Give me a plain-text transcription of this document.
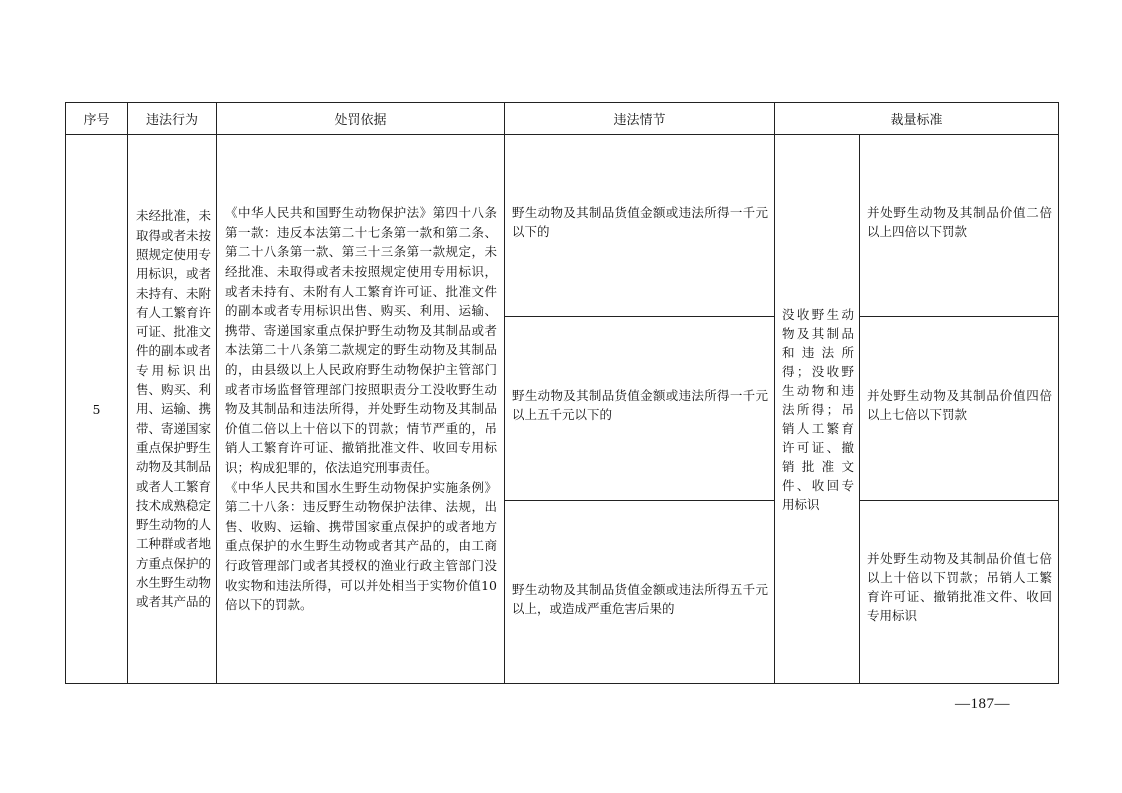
序号	违法行为	处罚依据	违法情节	裁量标准	
5	未经批准，未取得或者未按照规定使用专用标识，或者未持有、未附有人工繁育许可证、批准文件的副本或者专用标识出售、购买、利用、运输、携带、寄递国家重点保护野生动物及其制品或者人工繁育技术成熟稳定野生动物的人工种群或者地方重点保护的水生野生动物或者其产品的	《中华人民共和国野生动物保护法》第四十八条第一款：违反本法第二十七条第一款和第二条、第二十八条第一款、第三十三条第一款规定，未经批准、未取得或者未按照规定使用专用标识，或者未持有、未附有人工繁育许可证、批准文件的副本或者专用标识出售、购买、利用、运输、携带、寄递国家重点保护野生动物及其制品或者本法第二十八条第二款规定的野生动物及其制品的，由县级以上人民政府野生动物保护主管部门或者市场监督管理部门按照职责分工没收野生动物及其制品和违法所得，并处野生动物及其制品价值二倍以上十倍以下的罚款；情节严重的，吊销人工繁育许可证、撤销批准文件、收回专用标识；构成犯罪的，依法追究刑事责任。
《中华人民共和国水生野生动物保护实施条例》第二十八条：违反野生动物保护法律、法规，出售、收购、运输、携带国家重点保护的或者地方重点保护的水生野生动物或者其产品的，由工商行政管理部门或者其授权的渔业行政主管部门没收实物和违法所得，可以并处相当于实物价值10倍以下的罚款。	野生动物及其制品货值金额或违法所得一千元以下的	没收野生动物及其制品和违法所得；没收野生动物和违法所得；吊销人工繁育许可证、撤销批准文件、收回专用标识	并处野生动物及其制品价值二倍以上四倍以下罚款

			野生动物及其制品货值金额或违法所得一千元以上五千元以下的		并处野生动物及其制品价值四倍以上七倍以下罚款

			野生动物及其制品货值金额或违法所得五千元以上，或造成严重危害后果的		并处野生动物及其制品价值七倍以上十倍以下罚款；吊销人工繁育许可证、撤销批准文件、收回专用标识
—187—
